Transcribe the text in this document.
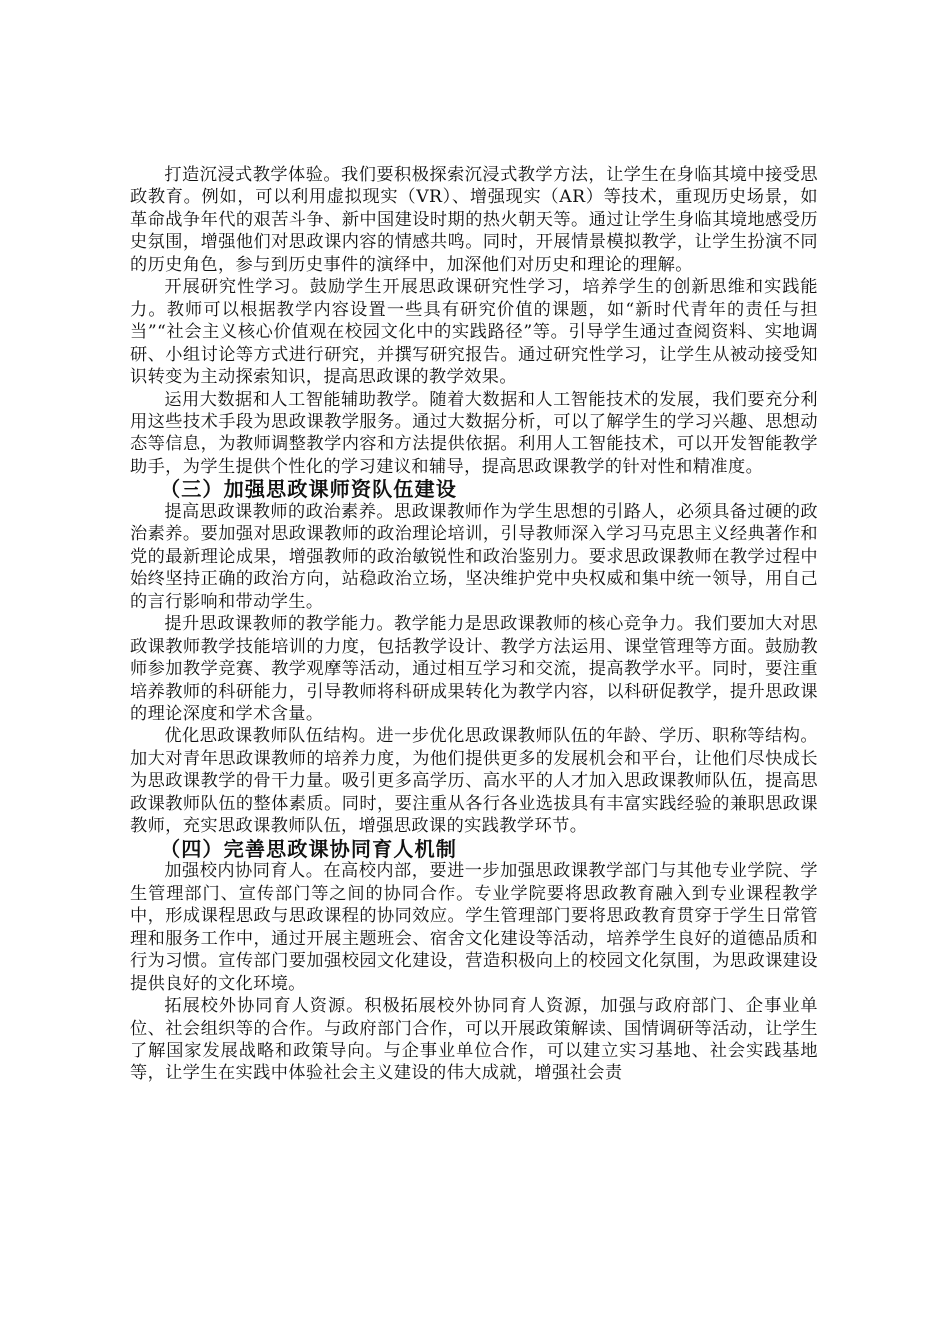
打造沉浸式教学体验。我们要积极探索沉浸式教学方法，让学生在身临其境中接受思政教育。例如，可以利用虚拟现实（VR）、增强现实（AR）等技术，重现历史场景，如革命战争年代的艰苦斗争、新中国建设时期的热火朝天等。通过让学生身临其境地感受历史氛围，增强他们对思政课内容的情感共鸣。同时，开展情景模拟教学，让学生扮演不同的历史角色，参与到历史事件的演绎中，加深他们对历史和理论的理解。

开展研究性学习。鼓励学生开展思政课研究性学习，培养学生的创新思维和实践能力。教师可以根据教学内容设置一些具有研究价值的课题，如“新时代青年的责任与担当”“社会主义核心价值观在校园文化中的实践路径”等。引导学生通过查阅资料、实地调研、小组讨论等方式进行研究，并撰写研究报告。通过研究性学习，让学生从被动接受知识转变为主动探索知识，提高思政课的教学效果。

运用大数据和人工智能辅助教学。随着大数据和人工智能技术的发展，我们要充分利用这些技术手段为思政课教学服务。通过大数据分析，可以了解学生的学习兴趣、思想动态等信息，为教师调整教学内容和方法提供依据。利用人工智能技术，可以开发智能教学助手，为学生提供个性化的学习建议和辅导，提高思政课教学的针对性和精准度。

（三）加强思政课师资队伍建设

提高思政课教师的政治素养。思政课教师作为学生思想的引路人，必须具备过硬的政治素养。要加强对思政课教师的政治理论培训，引导教师深入学习马克思主义经典著作和党的最新理论成果，增强教师的政治敏锐性和政治鉴别力。要求思政课教师在教学过程中始终坚持正确的政治方向，站稳政治立场，坚决维护党中央权威和集中统一领导，用自己的言行影响和带动学生。

提升思政课教师的教学能力。教学能力是思政课教师的核心竞争力。我们要加大对思政课教师教学技能培训的力度，包括教学设计、教学方法运用、课堂管理等方面。鼓励教师参加教学竞赛、教学观摩等活动，通过相互学习和交流，提高教学水平。同时，要注重培养教师的科研能力，引导教师将科研成果转化为教学内容，以科研促教学，提升思政课的理论深度和学术含量。

优化思政课教师队伍结构。进一步优化思政课教师队伍的年龄、学历、职称等结构。加大对青年思政课教师的培养力度，为他们提供更多的发展机会和平台，让他们尽快成长为思政课教学的骨干力量。吸引更多高学历、高水平的人才加入思政课教师队伍，提高思政课教师队伍的整体素质。同时，要注重从各行各业选拔具有丰富实践经验的兼职思政课教师，充实思政课教师队伍，增强思政课的实践教学环节。

（四）完善思政课协同育人机制

加强校内协同育人。在高校内部，要进一步加强思政课教学部门与其他专业学院、学生管理部门、宣传部门等之间的协同合作。专业学院要将思政教育融入到专业课程教学中，形成课程思政与思政课程的协同效应。学生管理部门要将思政教育贯穿于学生日常管理和服务工作中，通过开展主题班会、宿舍文化建设等活动，培养学生良好的道德品质和行为习惯。宣传部门要加强校园文化建设，营造积极向上的校园文化氛围，为思政课建设提供良好的文化环境。

拓展校外协同育人资源。积极拓展校外协同育人资源，加强与政府部门、企事业单位、社会组织等的合作。与政府部门合作，可以开展政策解读、国情调研等活动，让学生了解国家发展战略和政策导向。与企事业单位合作，可以建立实习基地、社会实践基地等，让学生在实践中体验社会主义建设的伟大成就，增强社会责
